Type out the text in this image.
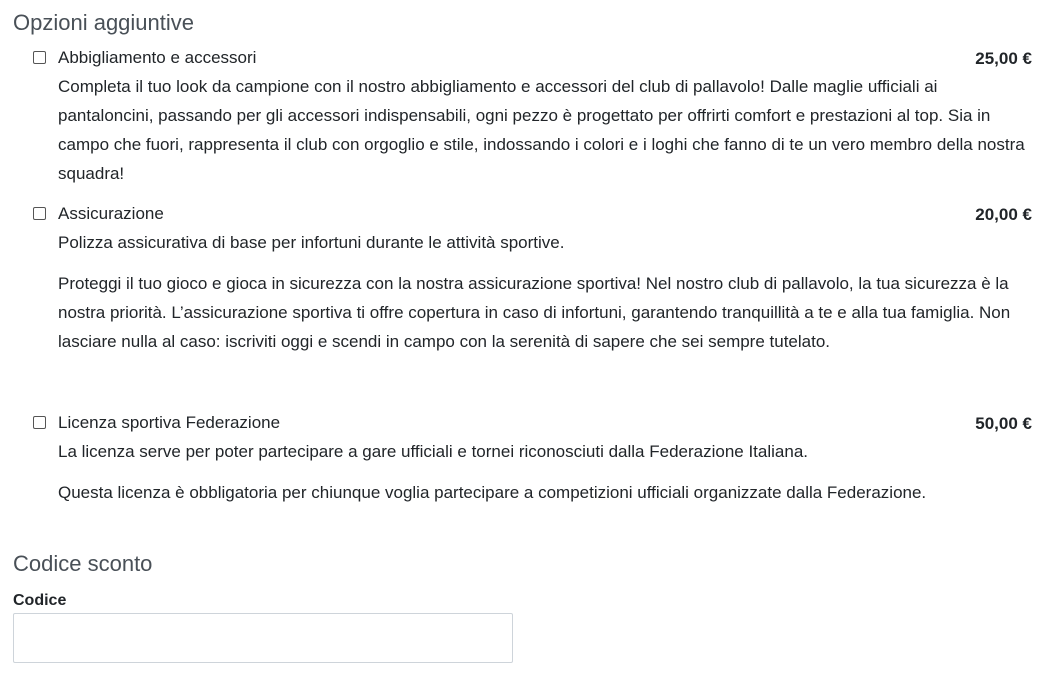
Opzioni aggiuntive
Abbigliamento e accessori	25,00 €

Completa il tuo look da campione con il nostro abbigliamento e accessori del club di pallavolo! Dalle maglie ufficiali ai pantaloncini, passando per gli accessori indispensabili, ogni pezzo è progettato per offrirti comfort e prestazioni al top. Sia in campo che fuori, rappresenta il club con orgoglio e stile, indossando i colori e i loghi che fanno di te un vero membro della nostra squadra!

Assicurazione	20,00 €

Polizza assicurativa di base per infortuni durante le attività sportive.

Proteggi il tuo gioco e gioca in sicurezza con la nostra assicurazione sportiva! Nel nostro club di pallavolo, la tua sicurezza è la nostra priorità. L’assicurazione sportiva ti offre copertura in caso di infortuni, garantendo tranquillità a te e alla tua famiglia. Non lasciare nulla al caso: iscriviti oggi e scendi in campo con la serenità di sapere che sei sempre tutelato.

Licenza sportiva Federazione	50,00 €

La licenza serve per poter partecipare a gare ufficiali e tornei riconosciuti dalla Federazione Italiana.

Questa licenza è obbligatoria per chiunque voglia partecipare a competizioni ufficiali organizzate dalla Federazione.

Codice sconto
Codice
